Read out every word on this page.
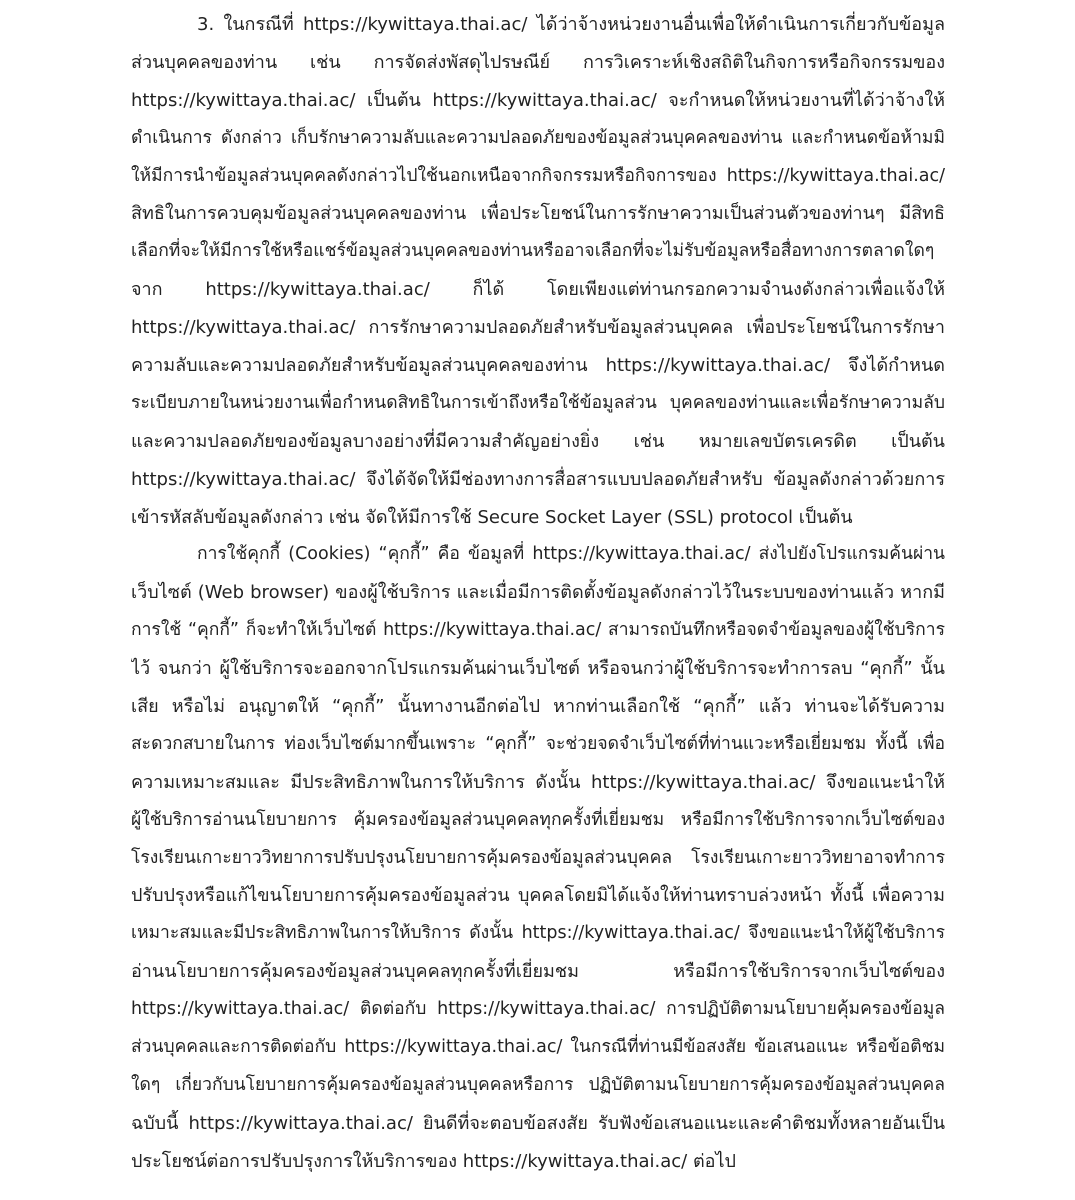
3. ในกรณีที่ https://kywittaya.thai.ac/ ได้ว่าจ้างหน่วยงานอื่นเพื่อให้ดำเนินการเกี่ยวกับข้อมูล
ส่วนบุคคลของท่าน เช่น การจัดส่งพัสดุไปรษณีย์ การวิเคราะห์เชิงสถิติในกิจการหรือกิจกรรมของ
https://kywittaya.thai.ac/ เป็นต้น https://kywittaya.thai.ac/ จะกำหนดให้หน่วยงานที่ได้ว่าจ้างให้
ดำเนินการ ดังกล่าว เก็บรักษาความลับและความปลอดภัยของข้อมูลส่วนบุคคลของท่าน และกำหนดข้อห้ามมิ
ให้มีการนำข้อมูลส่วนบุคคลดังกล่าวไปใช้นอกเหนือจากกิจกรรมหรือกิจการของ https://kywittaya.thai.ac/
สิทธิในการควบคุมข้อมูลส่วนบุคคลของท่าน เพื่อประโยชน์ในการรักษาความเป็นส่วนตัวของท่านๆ มีสิทธิ
เลือกที่จะให้มีการใช้หรือแชร์ข้อมูลส่วนบุคคลของท่านหรืออาจเลือกที่จะไม่รับข้อมูลหรือสื่อทางการตลาดใดๆ
จาก https://kywittaya.thai.ac/ ก็ได้ โดยเพียงแต่ท่านกรอกความจำนงดังกล่าวเพื่อแจ้งให้
https://kywittaya.thai.ac/ การรักษาความปลอดภัยสำหรับข้อมูลส่วนบุคคล เพื่อประโยชน์ในการรักษา
ความลับและความปลอดภัยสำหรับข้อมูลส่วนบุคคลของท่าน https://kywittaya.thai.ac/ จึงได้กำหนด
ระเบียบภายในหน่วยงานเพื่อกำหนดสิทธิในการเข้าถึงหรือใช้ข้อมูลส่วน บุคคลของท่านและเพื่อรักษาความลับ
และความปลอดภัยของข้อมูลบางอย่างที่มีความสำคัญอย่างยิ่ง เช่น หมายเลขบัตรเครดิต เป็นต้น
https://kywittaya.thai.ac/ จึงได้จัดให้มีช่องทางการสื่อสารแบบปลอดภัยสำหรับ ข้อมูลดังกล่าวด้วยการ
เข้ารหัสลับข้อมูลดังกล่าว เช่น จัดให้มีการใช้ Secure Socket Layer (SSL) protocol เป็นต้น
การใช้คุกกี้ (Cookies) “คุกกี้” คือ ข้อมูลที่ https://kywittaya.thai.ac/ ส่งไปยังโปรแกรมค้นผ่าน
เว็บไซต์ (Web browser) ของผู้ใช้บริการ และเมื่อมีการติดตั้งข้อมูลดังกล่าวไว้ในระบบของท่านแล้ว หากมี
การใช้ “คุกกี้” ก็จะทำให้เว็บไซต์ https://kywittaya.thai.ac/ สามารถบันทึกหรือจดจำข้อมูลของผู้ใช้บริการ
ไว้ จนกว่า ผู้ใช้บริการจะออกจากโปรแกรมค้นผ่านเว็บไซต์ หรือจนกว่าผู้ใช้บริการจะทำการลบ “คุกกี้” นั้น
เสีย หรือไม่ อนุญาตให้ “คุกกี้” นั้นทางานอีกต่อไป หากท่านเลือกใช้ “คุกกี้” แล้ว ท่านจะได้รับความ
สะดวกสบายในการ ท่องเว็บไซต์มากขึ้นเพราะ “คุกกี้” จะช่วยจดจำเว็บไซต์ที่ท่านแวะหรือเยี่ยมชม ทั้งนี้ เพื่อ
ความเหมาะสมและ มีประสิทธิภาพในการให้บริการ ดังนั้น https://kywittaya.thai.ac/ จึงขอแนะนำให้
ผู้ใช้บริการอ่านนโยบายการ คุ้มครองข้อมูลส่วนบุคคลทุกครั้งที่เยี่ยมชม หรือมีการใช้บริการจากเว็บไซต์ของ
โรงเรียนเกาะยาววิทยาการปรับปรุงนโยบายการคุ้มครองข้อมูลส่วนบุคคล โรงเรียนเกาะยาววิทยาอาจทำการ
ปรับปรุงหรือแก้ไขนโยบายการคุ้มครองข้อมูลส่วน บุคคลโดยมิได้แจ้งให้ท่านทราบล่วงหน้า ทั้งนี้ เพื่อความ
เหมาะสมและมีประสิทธิภาพในการให้บริการ ดังนั้น https://kywittaya.thai.ac/ จึงขอแนะนำให้ผู้ใช้บริการ
อ่านนโยบายการคุ้มครองข้อมูลส่วนบุคคลทุกครั้งที่เยี่ยมชม หรือมีการใช้บริการจากเว็บไซต์ของ
https://kywittaya.thai.ac/ ติดต่อกับ https://kywittaya.thai.ac/ การปฏิบัติตามนโยบายคุ้มครองข้อมูล
ส่วนบุคคลและการติดต่อกับ https://kywittaya.thai.ac/ ในกรณีที่ท่านมีข้อสงสัย ข้อเสนอแนะ หรือข้อติชม
ใดๆ เกี่ยวกับนโยบายการคุ้มครองข้อมูลส่วนบุคคลหรือการ ปฏิบัติตามนโยบายการคุ้มครองข้อมูลส่วนบุคคล
ฉบับนี้ https://kywittaya.thai.ac/ ยินดีที่จะตอบข้อสงสัย รับฟังข้อเสนอแนะและคำติชมทั้งหลายอันเป็น
ประโยชน์ต่อการปรับปรุงการให้บริการของ https://kywittaya.thai.ac/ ต่อไป
